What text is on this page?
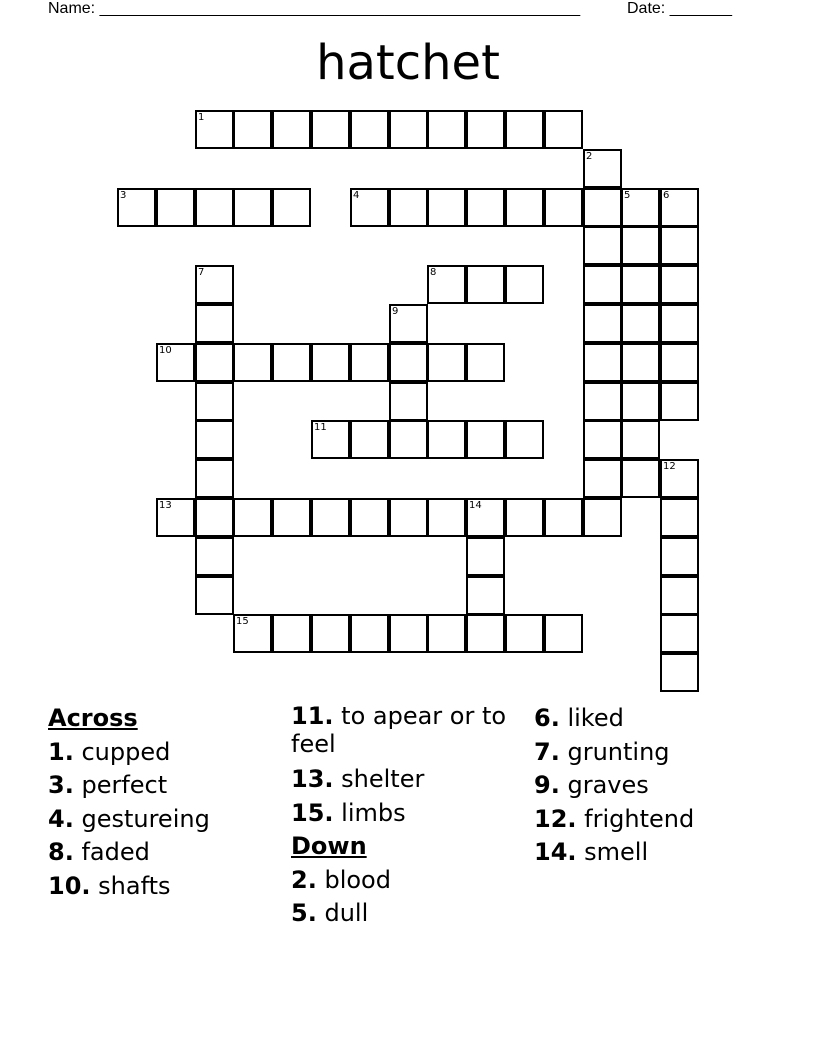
Name: ______________________________________________________	Date: _______
hatchet
1
3	4	5	6
8
10
11
13	14
15
2
7
9
12
Across
1. cupped
3. perfect
4. gestureing
8. faded
10. shafts
11. to apear or to feel
13. shelter
15. limbs
Down
2. blood
5. dull
6. liked
7. grunting
9. graves
12. frightend
14. smell
